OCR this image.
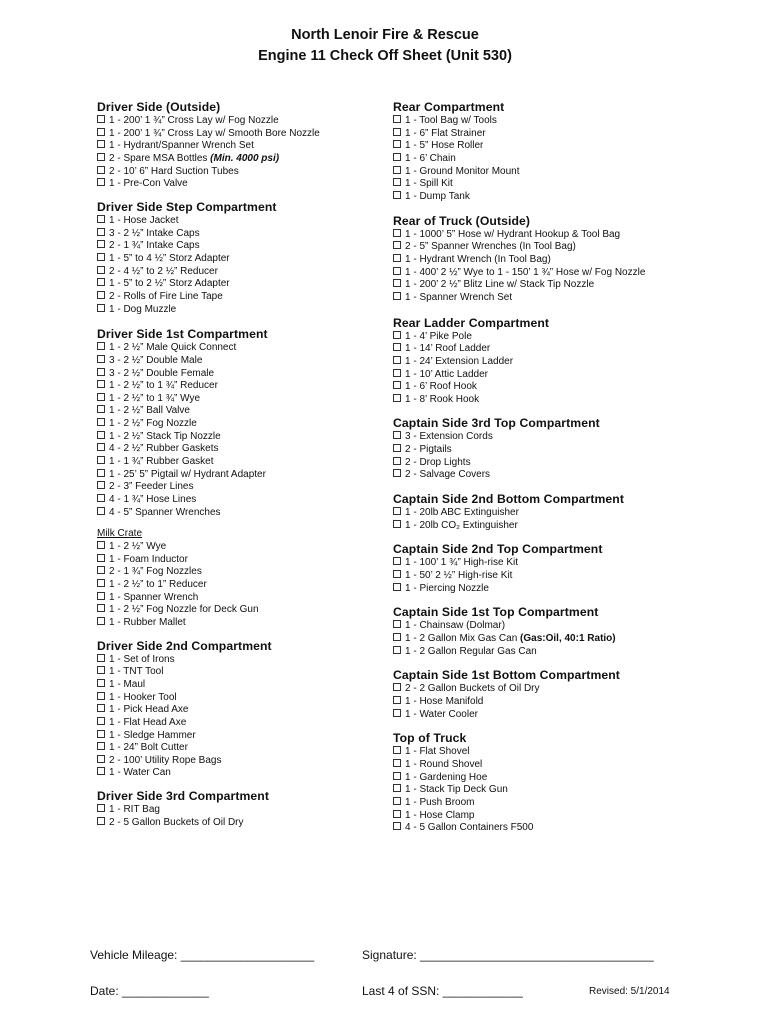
North Lenoir Fire & Rescue
Engine 11 Check Off Sheet (Unit 530)
Driver Side (Outside)
1 - 200’ 1 ¾” Cross Lay w/ Fog Nozzle
1 - 200’ 1 ¾” Cross Lay w/ Smooth Bore Nozzle
1 - Hydrant/Spanner Wrench Set
2 - Spare MSA Bottles (Min. 4000 psi)
2 - 10’ 6” Hard Suction Tubes
1 - Pre-Con Valve
Driver Side Step Compartment
1 - Hose Jacket
3 - 2 ½” Intake Caps
2 - 1 ¾” Intake Caps
1 - 5” to 4 ½” Storz Adapter
2 - 4 ½” to 2 ½” Reducer
1 - 5” to 2 ½” Storz Adapter
2 - Rolls of Fire Line Tape
1 - Dog Muzzle
Driver Side 1st Compartment
1 - 2 ½” Male Quick Connect
3 - 2 ½” Double Male
3 - 2 ½” Double Female
1 - 2 ½” to 1 ¾” Reducer
1 - 2 ½” to 1 ¾” Wye
1 - 2 ½” Ball Valve
1 - 2 ½” Fog Nozzle
1 - 2 ½” Stack Tip Nozzle
4 - 2 ½” Rubber Gaskets
1 - 1 ¾” Rubber Gasket
1 - 25’ 5” Pigtail w/ Hydrant Adapter
2 - 3” Feeder Lines
4 - 1 ¾” Hose Lines
4 - 5” Spanner Wrenches
Milk Crate
1 - 2 ½” Wye
1 - Foam Inductor
2 - 1 ¾” Fog Nozzles
1 - 2 ½” to 1” Reducer
1 - Spanner Wrench
1 - 2 ½” Fog Nozzle for Deck Gun
1 - Rubber Mallet
Driver Side 2nd Compartment
1 - Set of Irons
1 - TNT Tool
1 - Maul
1 - Hooker Tool
1 - Pick Head Axe
1 - Flat Head Axe
1 - Sledge Hammer
1 - 24” Bolt Cutter
2 - 100’ Utility Rope Bags
1 - Water Can
Driver Side 3rd Compartment
1 - RIT Bag
2 - 5 Gallon Buckets of Oil Dry
Rear Compartment
1 - Tool Bag w/ Tools
1 - 6” Flat Strainer
1 - 5” Hose Roller
1 - 6’ Chain
1 - Ground Monitor Mount
1 - Spill Kit
1 - Dump Tank
Rear of Truck (Outside)
1 - 1000’ 5” Hose w/ Hydrant Hookup & Tool Bag
2 - 5” Spanner Wrenches (In Tool Bag)
1 - Hydrant Wrench (In Tool Bag)
1 - 400’ 2 ½” Wye to 1 - 150’ 1 ¾” Hose w/ Fog Nozzle
1 - 200’ 2 ½” Blitz Line w/ Stack Tip Nozzle
1 - Spanner Wrench Set
Rear Ladder Compartment
1 - 4’ Pike Pole
1 - 14’ Roof Ladder
1 - 24’ Extension Ladder
1 - 10’ Attic Ladder
1 - 6’ Roof Hook
1 - 8’ Rook Hook
Captain Side 3rd Top Compartment
3 - Extension Cords
2 - Pigtails
2 - Drop Lights
2 - Salvage Covers
Captain Side 2nd Bottom Compartment
1 - 20lb ABC Extinguisher
1 - 20lb CO₂ Extinguisher
Captain Side 2nd Top Compartment
1 - 100’ 1 ¾” High-rise Kit
1 - 50’ 2 ½” High-rise Kit
1 - Piercing Nozzle
Captain Side 1st Top Compartment
1 - Chainsaw (Dolmar)
1 - 2 Gallon Mix Gas Can (Gas:Oil, 40:1 Ratio)
1 - 2 Gallon Regular Gas Can
Captain Side 1st Bottom Compartment
2 - 2 Gallon Buckets of Oil Dry
1 - Hose Manifold
1 - Water Cooler
Top of Truck
1 - Flat Shovel
1 - Round Shovel
1 - Gardening Hoe
1 - Stack Tip Deck Gun
1 - Push Broom
1 - Hose Clamp
4 - 5 Gallon Containers F500
Vehicle Mileage: ____________________	Signature: ___________________________________
Date: _____________	Last 4 of SSN: ____________	Revised: 5/1/2014
